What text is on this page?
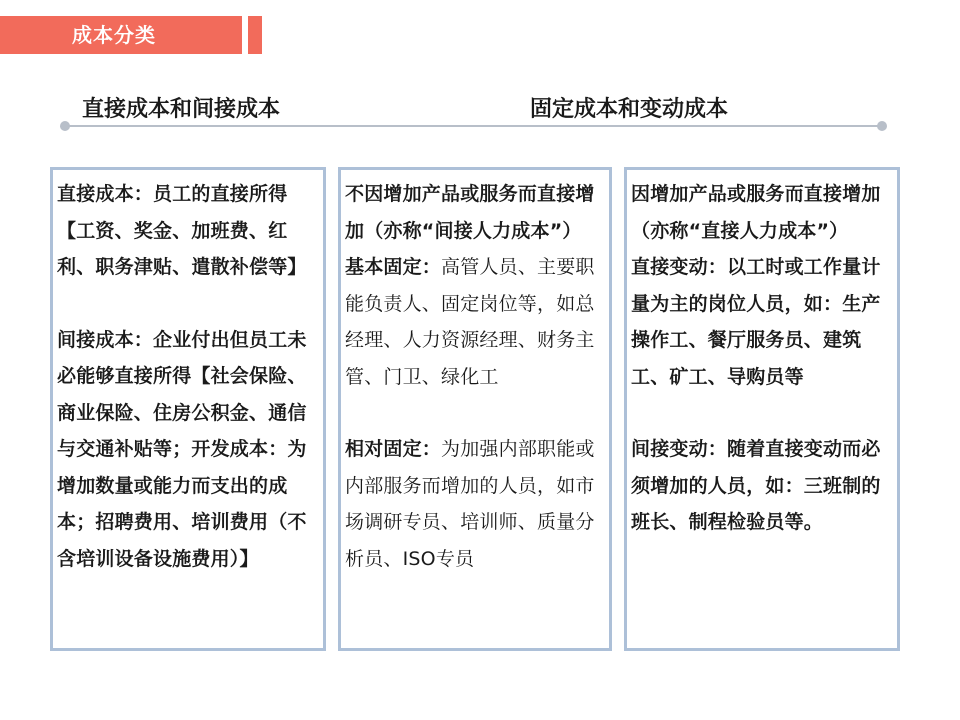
成本分类
直接成本和间接成本	固定成本和变动成本

直接成本：员工的直接所得【工资、奖金、加班费、红利、职务津贴、遣散补偿等】

间接成本：企业付出但员工未必能够直接所得【社会保险、商业保险、住房公积金、通信与交通补贴等；开发成本：为增加数量或能力而支出的成本；招聘费用、培训费用（不含培训设备设施费用）】

不因增加产品或服务而直接增加（亦称“间接人力成本”）

基本固定：高管人员、主要职能负责人、固定岗位等，如总经理、人力资源经理、财务主管、门卫、绿化工

相对固定：为加强内部职能或内部服务而增加的人员，如市场调研专员、培训师、质量分析员、ISO专员

因增加产品或服务而直接增加（亦称“直接人力成本”）

直接变动：以工时或工作量计量为主的岗位人员，如：生产操作工、餐厅服务员、建筑工、矿工、导购员等

间接变动：随着直接变动而必须增加的人员，如：三班制的班长、制程检验员等。
